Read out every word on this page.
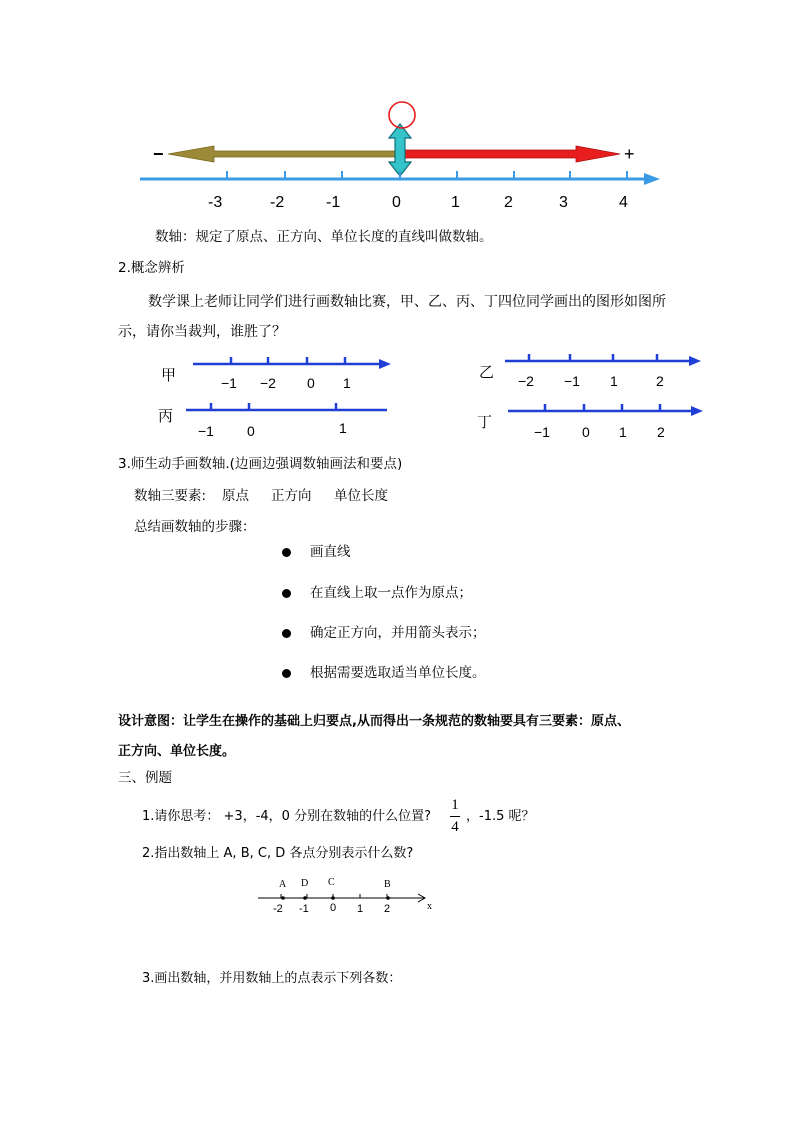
−	+
-3	-2	-1	0	1	2	3	4
数轴：规定了原点、正方向、单位长度的直线叫做数轴。
2.概念辨析
数学课上老师让同学们进行画数轴比赛，甲、乙、丙、丁四位同学画出的图形如图所
示，请你当裁判，谁胜了？
甲	−1 −2 0 1
乙 −2 −1 1	2
丙
−1 0	1	丁
−1 0 1 2
3.师生动手画数轴.(边画边强调数轴画法和要点)
数轴三要素: 原点 正方向 单位长度
总结画数轴的步骤：
画直线
在直线上取一点作为原点；
确定正方向，并用箭头表示；
根据需要选取适当单位长度。
设计意图：让学生在操作的基础上归要点,从而得出一条规范的数轴要具有三要素：原点、
正方向、单位长度。
三、例题
1.请你思考： +3，-4，0 分别在数轴的什么位置?
1
4
，-1.5 呢？
2.指出数轴上 A, B, C, D 各点分别表示什么数?
A D C	B
-2 -1 0 1 2	x
3.画出数轴，并用数轴上的点表示下列各数：
